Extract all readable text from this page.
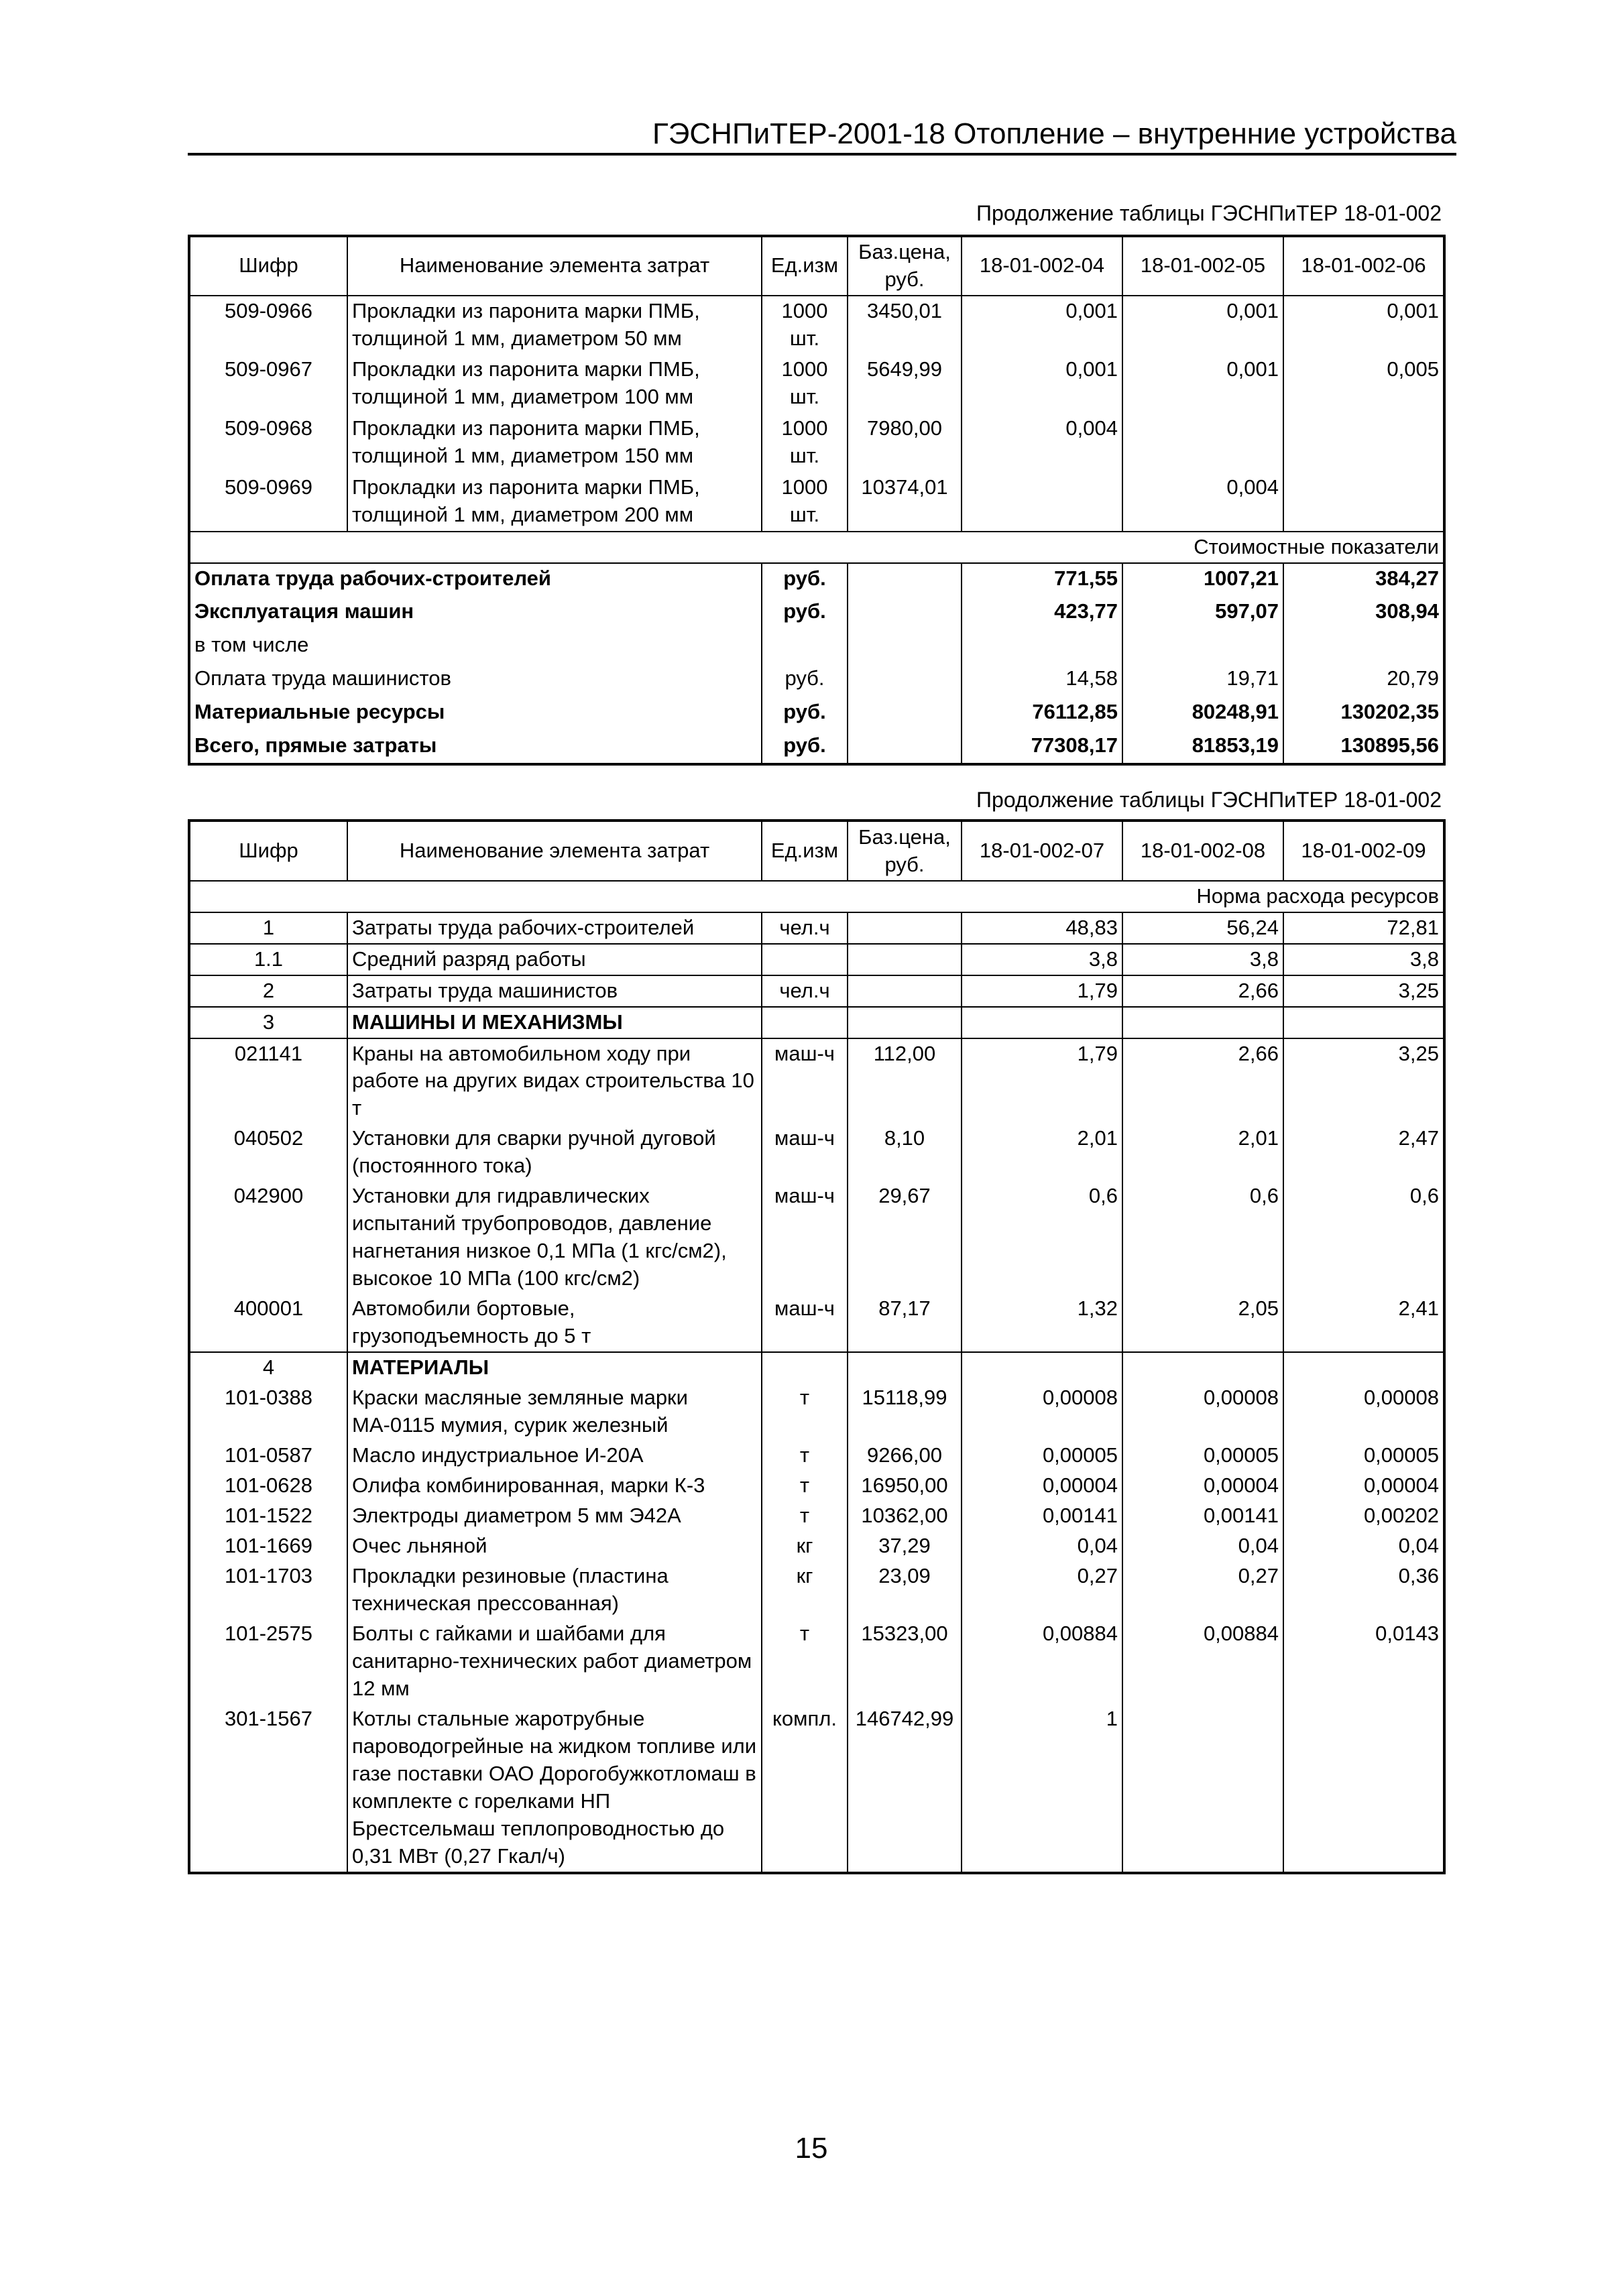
ГЭСНПиТЕР-2001-18 Отопление – внутренние устройства
Продолжение таблицы ГЭСНПиТЕР 18-01-002
Шифр	Наименование элемента затрат	Ед.изм	Баз.цена, руб.	18-01-002-04	18-01-002-05	18-01-002-06
509-0966	Прокладки из паронита марки ПМБ, толщиной 1 мм, диаметром 50 мм	1000 шт.	3450,01	0,001	0,001	0,001
509-0967	Прокладки из паронита марки ПМБ, толщиной 1 мм, диаметром 100 мм	1000 шт.	5649,99	0,001	0,001	0,005
509-0968	Прокладки из паронита марки ПМБ, толщиной 1 мм, диаметром 150 мм	1000 шт.	7980,00	0,004		
509-0969	Прокладки из паронита марки ПМБ, толщиной 1 мм, диаметром 200 мм	1000 шт.	10374,01		0,004	
Стоимостные показатели						
Оплата труда рабочих-строителей		руб.		771,55	1007,21	384,27
Эксплуатация машин		руб.		423,77	597,07	308,94
в том числе						
Оплата труда машинистов		руб.		14,58	19,71	20,79
Материальные ресурсы		руб.		76112,85	80248,91	130202,35
Всего, прямые затраты		руб.		77308,17	81853,19	130895,56
Продолжение таблицы ГЭСНПиТЕР 18-01-002
Шифр	Наименование элемента затрат	Ед.изм	Баз.цена, руб.	18-01-002-07	18-01-002-08	18-01-002-09
Норма расхода ресурсов						
1	Затраты труда рабочих-строителей	чел.ч		48,83	56,24	72,81
1.1	Средний разряд работы			3,8	3,8	3,8
2	Затраты труда машинистов	чел.ч		1,79	2,66	3,25
3	МАШИНЫ И МЕХАНИЗМЫ					
021141	Краны на автомобильном ходу при работе на других видах строительства 10 т	маш-ч	112,00	1,79	2,66	3,25
040502	Установки для сварки ручной дуговой (постоянного тока)	маш-ч	8,10	2,01	2,01	2,47
042900	Установки для гидравлических испытаний трубопроводов, давление нагнетания низкое 0,1 МПа (1 кгс/см2), высокое 10 МПа (100 кгс/см2)	маш-ч	29,67	0,6	0,6	0,6
400001	Автомобили бортовые, грузоподъемность до 5 т	маш-ч	87,17	1,32	2,05	2,41
4	МАТЕРИАЛЫ					
101-0388	Краски масляные земляные марки МА-0115 мумия, сурик железный	т	15118,99	0,00008	0,00008	0,00008
101-0587	Масло индустриальное И-20А	т	9266,00	0,00005	0,00005	0,00005
101-0628	Олифа комбинированная, марки К-3	т	16950,00	0,00004	0,00004	0,00004
101-1522	Электроды диаметром 5 мм Э42А	т	10362,00	0,00141	0,00141	0,00202
101-1669	Очес льняной	кг	37,29	0,04	0,04	0,04
101-1703	Прокладки резиновые (пластина техническая прессованная)	кг	23,09	0,27	0,27	0,36
101-2575	Болты с гайками и шайбами для санитарно-технических работ диаметром 12 мм	т	15323,00	0,00884	0,00884	0,0143
301-1567	Котлы стальные жаротрубные пароводогрейные на жидком топливе или газе поставки ОАО Дорогобужкотломаш в комплекте с горелками НП Брестсельмаш теплопроводностью до 0,31 МВт (0,27 Гкал/ч)	компл.	146742,99	1		
15
